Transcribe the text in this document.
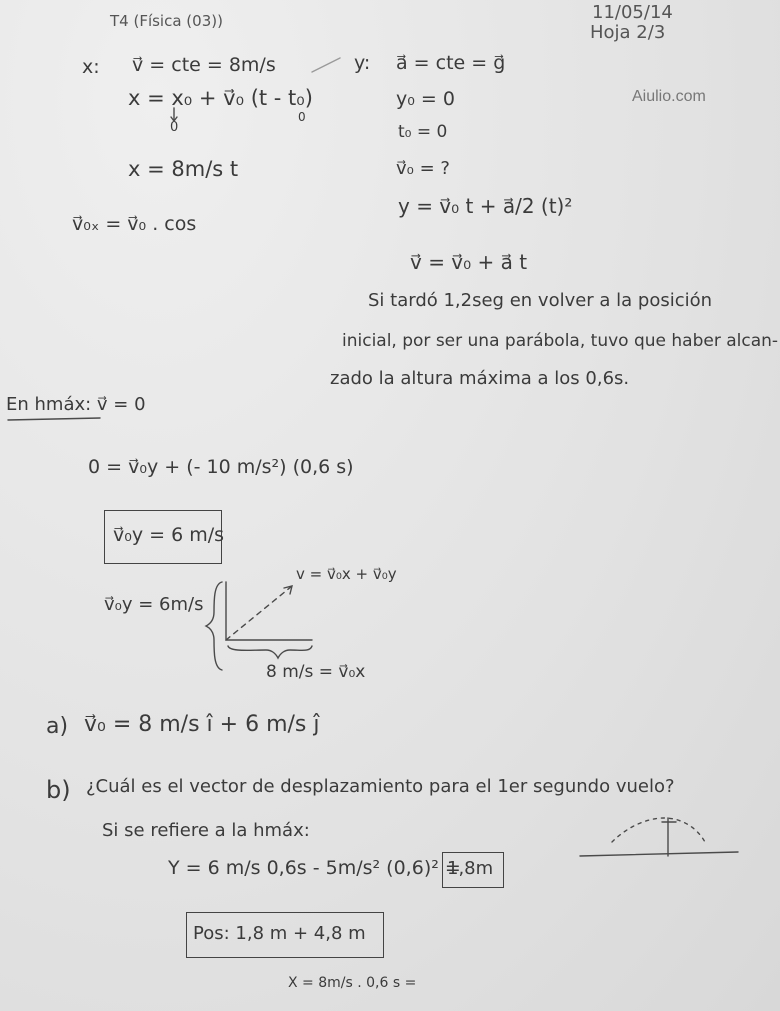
T4 (Física (03))	11/05/14
Hoja 2/3
Aiulio.com
x: v⃗ = cte = 8m/s
x = x₀ + v⃗₀ (t - t₀)
0
0
x = 8m/s t
v⃗₀ₓ = v⃗₀ . cos
y: a⃗ = cte = g⃗
y₀ = 0
t₀ = 0
v⃗₀ = ?
y = v⃗₀ t + a⃗/2 (t)²
v⃗ = v⃗₀ + a⃗ t
Si tardó 1,2seg en volver a la posición
inicial, por ser una parábola, tuvo que haber alcan-
zado la altura máxima a los 0,6s.
En hmáx: v⃗ = 0
0 = v⃗₀y + (- 10 m/s²) (0,6 s)
v⃗₀y = 6 m/s
v⃗₀y = 6m/s
v = v⃗₀x + v⃗₀y
8 m/s = v⃗₀x
a) v⃗₀ = 8 m/s î + 6 m/s ĵ
b) ¿Cuál es el vector de desplazamiento para el 1er segundo vuelo?
Si se refiere a la hmáx:
Y = 6 m/s 0,6s - 5m/s² (0,6)² =
1,8m
Pos: 1,8 m + 4,8 m
X = 8m/s . 0,6 s =
